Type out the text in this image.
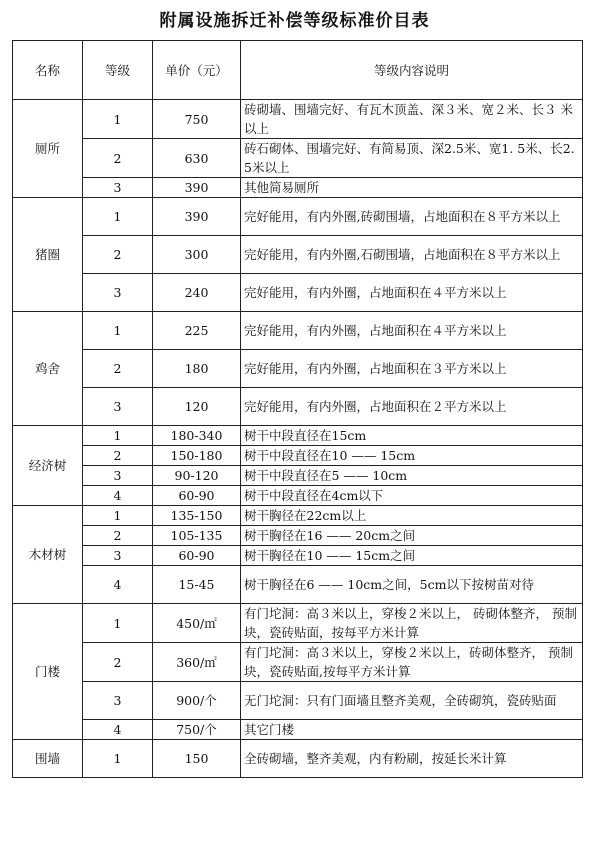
附属设施拆迁补偿等级标准价目表
名称	等级	单价（元）	等级内容说明
厕所	1	750	砖砌墙、围墙完好、有瓦木顶盖、深３米、宽２米、长３ 米以上
	2	630	砖石砌体、围墙完好、有简易顶、深2.5米、宽1. 5米、长2.5米以上
	3	390	其他简易厕所
猪圈	1	390	完好能用，有内外圈,砖砌围墙，占地面积在８平方米以上
	2	300	完好能用，有内外圈,石砌围墙，占地面积在８平方米以上
	3	240	完好能用，有内外圈，占地面积在４平方米以上
鸡舍	1	225	完好能用，有内外圈，占地面积在４平方米以上
	2	180	完好能用，有内外圈，占地面积在３平方米以上
	3	120	完好能用，有内外圈，占地面积在２平方米以上
经济树	1	180-340	树干中段直径在15cm
	2	150-180	树干中段直径在10 —— 15cm
	3	90-120	树干中段直径在5 —— 10cm
	4	60-90	树干中段直径在4cm以下
木材树	1	135-150	树干胸径在22cm以上
	2	105-135	树干胸径在16 —— 20cm之间
	3	60-90	树干胸径在10 —— 15cm之间
	4	15-45	树干胸径在6 —— 10cm之间，5cm以下按树苗对待
门楼	1	450/㎡	有门坨洞：高３米以上，穿梭２米以上， 砖砌体整齐， 预制块，瓷砖贴面，按每平方米计算
	2	360/㎡	有门坨洞：高３米以上，穿梭２米以上，砖砌体整齐， 预制块，瓷砖贴面,按每平方米计算
	3	900/个	无门坨洞：只有门面墙且整齐美观，全砖砌筑，瓷砖贴面
	4	750/个	其它门楼
围墙	1	150	全砖砌墙，整齐美观，内有粉刷，按延长米计算
